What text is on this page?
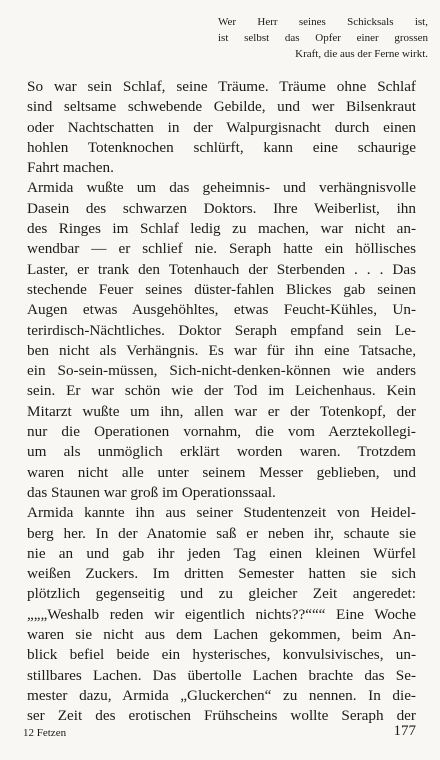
Wer Herr seines Schicksals ist,
ist selbst das Opfer einer grossen
Kraft, die aus der Ferne wirkt.
So war sein Schlaf, seine Träume. Träume ohne Schlaf
sind seltsame schwebende Gebilde, und wer Bilsenkraut
oder Nachtschatten in der Walpurgisnacht durch einen
hohlen Totenknochen schlürft, kann eine schaurige
Fahrt machen.
Armida wußte um das geheimnis- und verhängnisvolle
Dasein des schwarzen Doktors. Ihre Weiberlist, ihn
des Ringes im Schlaf ledig zu machen, war nicht an-
wendbar — er schlief nie. Seraph hatte ein höllisches
Laster, er trank den Totenhauch der Sterbenden . . . Das
stechende Feuer seines düster-fahlen Blickes gab seinen
Augen etwas Ausgehöhltes, etwas Feucht-Kühles, Un-
terirdisch-Nächtliches. Doktor Seraph empfand sein Le-
ben nicht als Verhängnis. Es war für ihn eine Tatsache,
ein So-sein-müssen, Sich-nicht-denken-können wie anders
sein. Er war schön wie der Tod im Leichenhaus. Kein
Mitarzt wußte um ihn, allen war er der Totenkopf, der
nur die Operationen vornahm, die vom Aerztekollegi-
um als unmöglich erklärt worden waren. Trotzdem
waren nicht alle unter seinem Messer geblieben, und
das Staunen war groß im Operationssaal.
Armida kannte ihn aus seiner Studentenzeit von Heidel-
berg her. In der Anatomie saß er neben ihr, schaute sie
nie an und gab ihr jeden Tag einen kleinen Würfel
weißen Zuckers. Im dritten Semester hatten sie sich
plötzlich gegenseitig und zu gleicher Zeit angeredet:
„„„Weshalb reden wir eigentlich nichts??“““ Eine Woche
waren sie nicht aus dem Lachen gekommen, beim An-
blick befiel beide ein hysterisches, konvulsivisches, un-
stillbares Lachen. Das übertolle Lachen brachte das Se-
mester dazu, Armida „Gluckerchen“ zu nennen. In die-
ser Zeit des erotischen Frühscheins wollte Seraph der
12 Fetzen	177
